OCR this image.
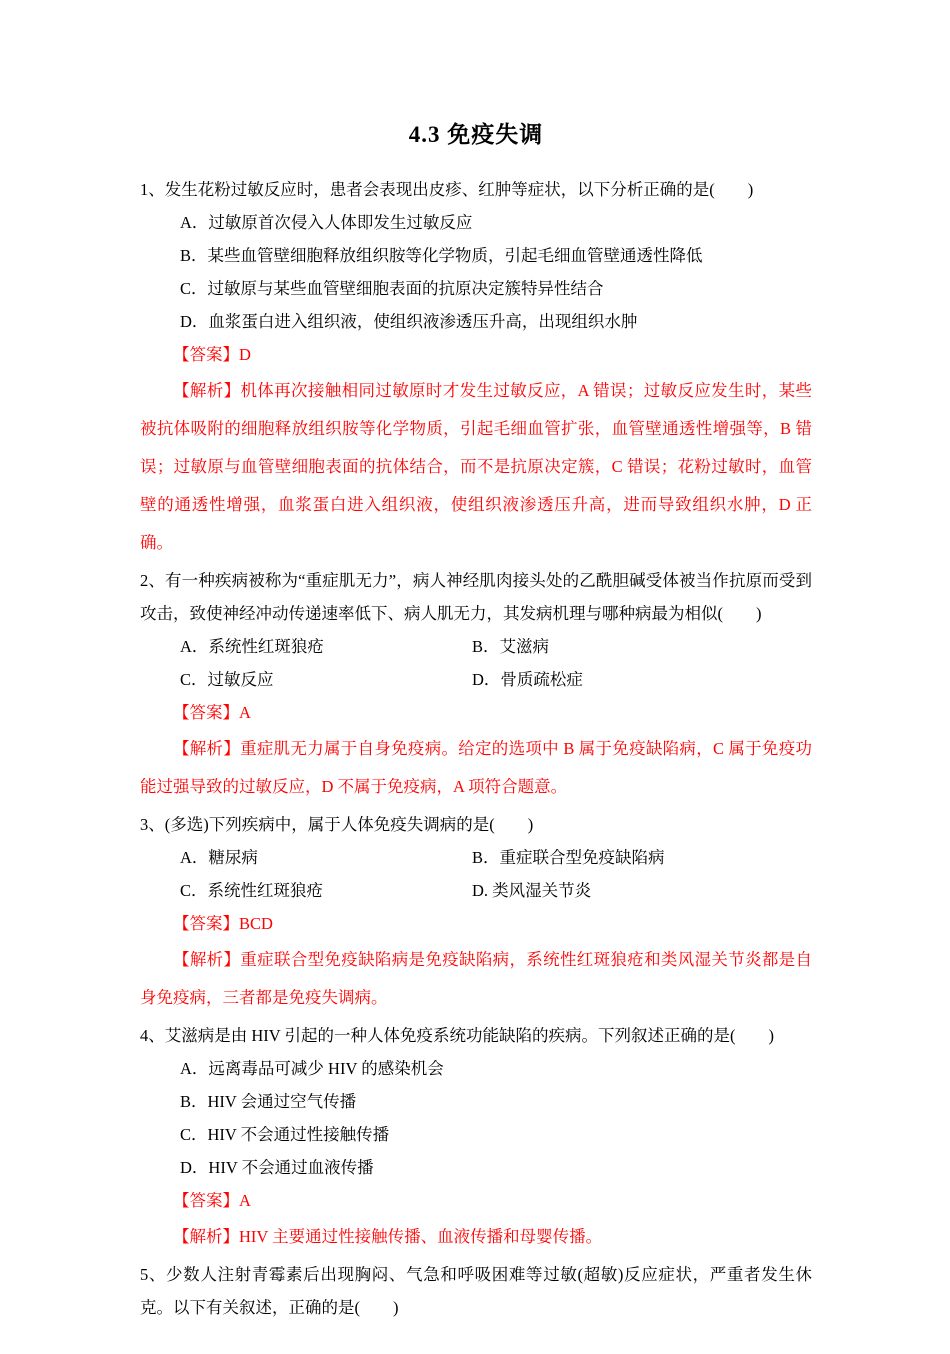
4.3 免疫失调

1、发生花粉过敏反应时，患者会表现出皮疹、红肿等症状，以下分析正确的是(　　)

A．过敏原首次侵入人体即发生过敏反应

B．某些血管壁细胞释放组织胺等化学物质，引起毛细血管壁通透性降低

C．过敏原与某些血管壁细胞表面的抗原决定簇特异性结合

D．血浆蛋白进入组织液，使组织液渗透压升高，出现组织水肿

【答案】D

【解析】机体再次接触相同过敏原时才发生过敏反应，A 错误；过敏反应发生时，某些被抗体吸附的细胞释放组织胺等化学物质，引起毛细血管扩张，血管壁通透性增强等，B 错误；过敏原与血管壁细胞表面的抗体结合，而不是抗原决定簇，C 错误；花粉过敏时，血管壁的通透性增强，血浆蛋白进入组织液，使组织液渗透压升高，进而导致组织水肿，D 正确。

2、有一种疾病被称为“重症肌无力”，病人神经肌肉接头处的乙酰胆碱受体被当作抗原而受到攻击，致使神经冲动传递速率低下、病人肌无力，其发病机理与哪种病最为相似(　　)

A．系统性红斑狼疮	B．艾滋病

C．过敏反应	D．骨质疏松症

【答案】A

【解析】重症肌无力属于自身免疫病。给定的选项中 B 属于免疫缺陷病，C 属于免疫功能过强导致的过敏反应，D 不属于免疫病，A 项符合题意。

3、(多选)下列疾病中，属于人体免疫失调病的是(　　)

A．糖尿病	B．重症联合型免疫缺陷病

C．系统性红斑狼疮	D. 类风湿关节炎

【答案】BCD

【解析】重症联合型免疫缺陷病是免疫缺陷病，系统性红斑狼疮和类风湿关节炎都是自身免疫病，三者都是免疫失调病。

4、艾滋病是由 HIV 引起的一种人体免疫系统功能缺陷的疾病。下列叙述正确的是(　　)

A．远离毒品可减少 HIV 的感染机会

B．HIV 会通过空气传播

C．HIV 不会通过性接触传播

D．HIV 不会通过血液传播

【答案】A

【解析】HIV 主要通过性接触传播、血液传播和母婴传播。

5、少数人注射青霉素后出现胸闷、气急和呼吸困难等过敏(超敏)反应症状，严重者发生休克。以下有关叙述，正确的是(　　)
